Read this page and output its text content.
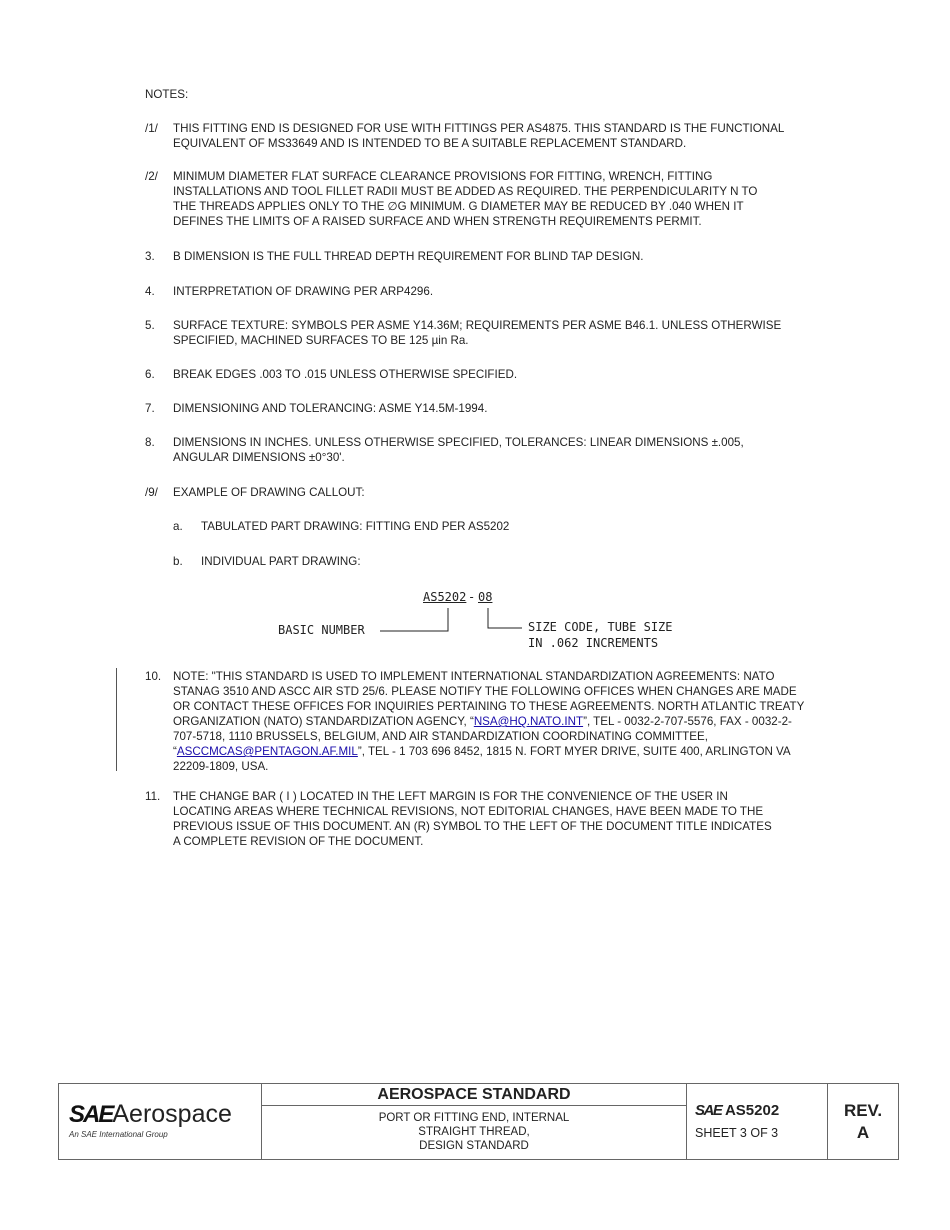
NOTES:
/1/ THIS FITTING END IS DESIGNED FOR USE WITH FITTINGS PER AS4875. THIS STANDARD IS THE FUNCTIONAL
EQUIVALENT OF MS33649 AND IS INTENDED TO BE A SUITABLE REPLACEMENT STANDARD.
/2/ MINIMUM DIAMETER FLAT SURFACE CLEARANCE PROVISIONS FOR FITTING, WRENCH, FITTING
INSTALLATIONS AND TOOL FILLET RADII MUST BE ADDED AS REQUIRED. THE PERPENDICULARITY N TO
THE THREADS APPLIES ONLY TO THE ∅G MINIMUM. G DIAMETER MAY BE REDUCED BY .040 WHEN IT
DEFINES THE LIMITS OF A RAISED SURFACE AND WHEN STRENGTH REQUIREMENTS PERMIT.
3. B DIMENSION IS THE FULL THREAD DEPTH REQUIREMENT FOR BLIND TAP DESIGN.
4. INTERPRETATION OF DRAWING PER ARP4296.
5. SURFACE TEXTURE: SYMBOLS PER ASME Y14.36M; REQUIREMENTS PER ASME B46.1. UNLESS OTHERWISE
SPECIFIED, MACHINED SURFACES TO BE 125 µin Ra.
6. BREAK EDGES .003 TO .015 UNLESS OTHERWISE SPECIFIED.
7. DIMENSIONING AND TOLERANCING: ASME Y14.5M-1994.
8. DIMENSIONS IN INCHES. UNLESS OTHERWISE SPECIFIED, TOLERANCES: LINEAR DIMENSIONS ±.005,
ANGULAR DIMENSIONS ±0°30'.
/9/ EXAMPLE OF DRAWING CALLOUT:
a. TABULATED PART DRAWING: FITTING END PER AS5202
b. INDIVIDUAL PART DRAWING:
AS5202 - 08
BASIC NUMBER	SIZE CODE, TUBE SIZE
IN .062 INCREMENTS
10. NOTE: "THIS STANDARD IS USED TO IMPLEMENT INTERNATIONAL STANDARDIZATION AGREEMENTS: NATO
STANAG 3510 AND ASCC AIR STD 25/6. PLEASE NOTIFY THE FOLLOWING OFFICES WHEN CHANGES ARE MADE
OR CONTACT THESE OFFICES FOR INQUIRIES PERTAINING TO THESE AGREEMENTS. NORTH ATLANTIC TREATY
ORGANIZATION (NATO) STANDARDIZATION AGENCY, “NSA@HQ.NATO.INT”, TEL - 0032-2-707-5576, FAX - 0032-2-
707-5718, 1110 BRUSSELS, BELGIUM, AND AIR STANDARDIZATION COORDINATING COMMITTEE,
“ASCCMCAS@PENTAGON.AF.MIL”, TEL - 1 703 696 8452, 1815 N. FORT MYER DRIVE, SUITE 400, ARLINGTON VA
22209-1809, USA.
11. THE CHANGE BAR ( I ) LOCATED IN THE LEFT MARGIN IS FOR THE CONVENIENCE OF THE USER IN
LOCATING AREAS WHERE TECHNICAL REVISIONS, NOT EDITORIAL CHANGES, HAVE BEEN MADE TO THE
PREVIOUS ISSUE OF THIS DOCUMENT. AN (R) SYMBOL TO THE LEFT OF THE DOCUMENT TITLE INDICATES
A COMPLETE REVISION OF THE DOCUMENT.
SAEAerospace
An SAE International Group
AEROSPACE STANDARD
PORT OR FITTING END, INTERNAL
STRAIGHT THREAD,
DESIGN STANDARD
SAE AS5202
SHEET 3 OF 3
REV.
A
